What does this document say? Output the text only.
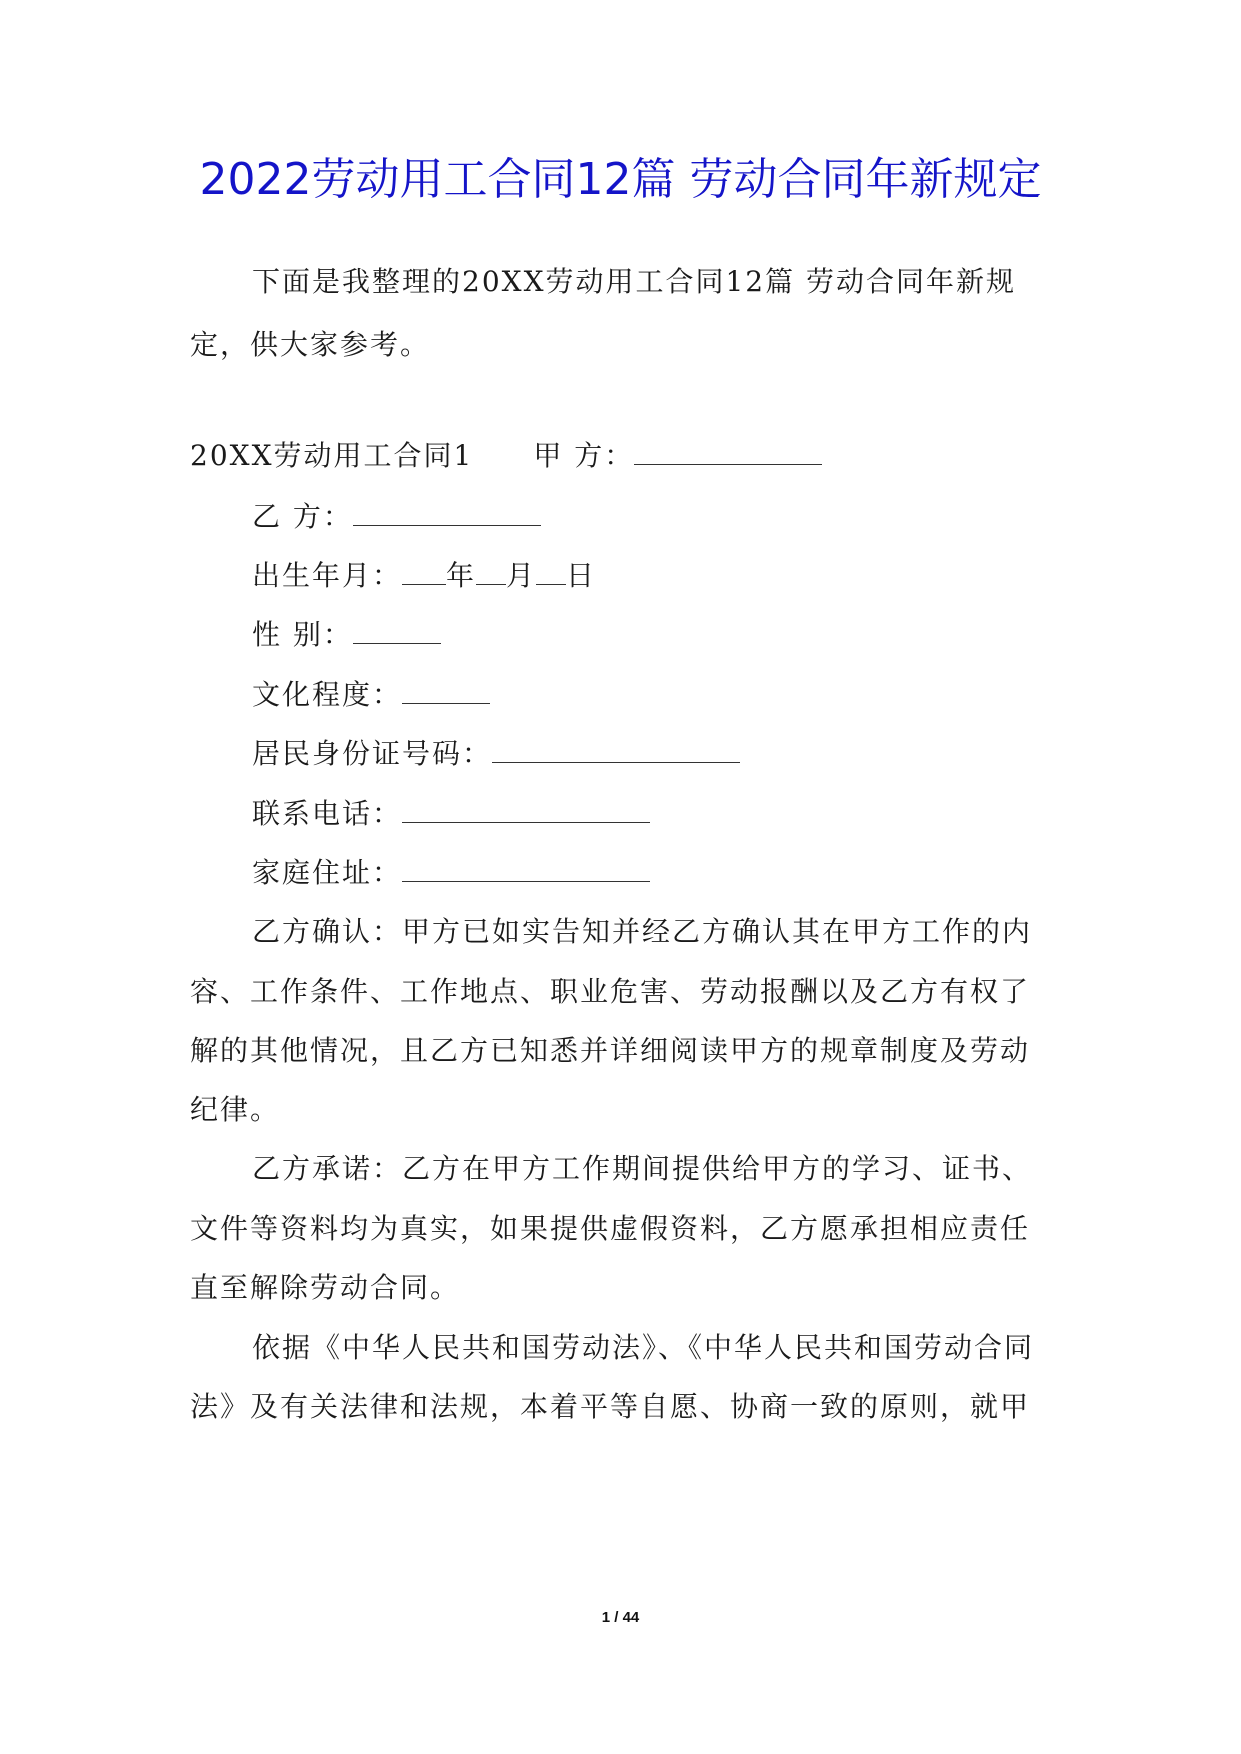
2022劳动用工合同12篇 劳动合同年新规定
下面是我整理的20XX劳动用工合同12篇 劳动合同年新规
定，供大家参考。
20XX劳动用工合同1 甲 方：
乙 方：
出生年月： 年 月 日
性 别：
文化程度：
居民身份证号码：
联系电话：
家庭住址：
乙方确认：甲方已如实告知并经乙方确认其在甲方工作的内
容、工作条件、工作地点、职业危害、劳动报酬以及乙方有权了
解的其他情况，且乙方已知悉并详细阅读甲方的规章制度及劳动
纪律。
乙方承诺：乙方在甲方工作期间提供给甲方的学习、证书、
文件等资料均为真实，如果提供虚假资料，乙方愿承担相应责任
直至解除劳动合同。
依据《中华人民共和国劳动法》、《中华人民共和国劳动合同
法》及有关法律和法规，本着平等自愿、协商一致的原则，就甲
1 / 44
